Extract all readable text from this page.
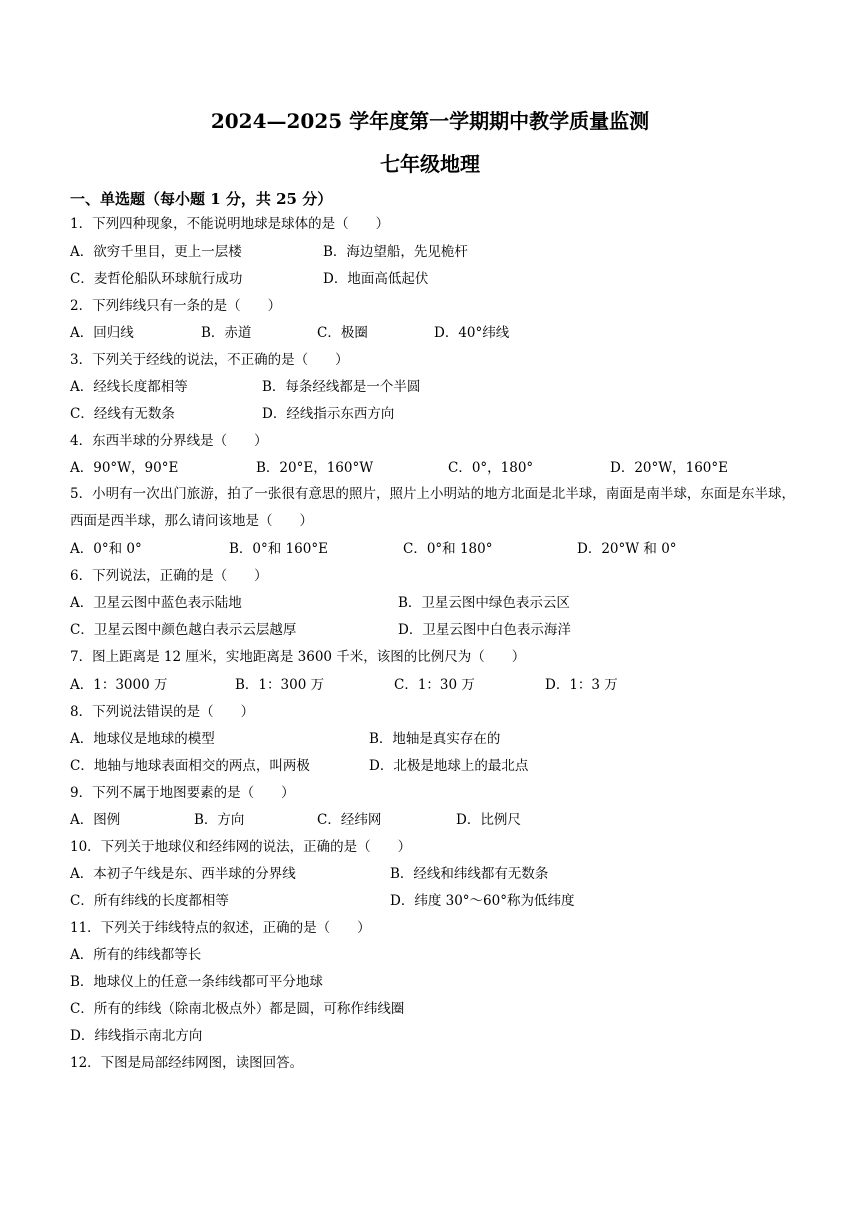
2024—2025 学年度第一学期期中教学质量监测
七年级地理
一、单选题（每小题 1 分，共 25 分）
1．下列四种现象，不能说明地球是球体的是（　　）
A．欲穷千里目，更上一层楼	B．海边望船，先见桅杆
C．麦哲伦船队环球航行成功	D．地面高低起伏
2．下列纬线只有一条的是（　　）
A．回归线	B．赤道	C．极圈	D．40°纬线
3．下列关于经线的说法，不正确的是（　　）
A．经线长度都相等	B．每条经线都是一个半圆
C．经线有无数条	D．经线指示东西方向
4．东西半球的分界线是（　　）
A．90°W，90°E	B．20°E，160°W	C．0°，180°	D．20°W，160°E
5．小明有一次出门旅游，拍了一张很有意思的照片，照片上小明站的地方北面是北半球，南面是南半球，东面是东半球，西面是西半球，那么请问该地是（　　）
A．0°和 0°	B．0°和 160°E	C．0°和 180°	D．20°W 和 0°
6．下列说法，正确的是（　　）
A．卫星云图中蓝色表示陆地	B．卫星云图中绿色表示云区
C．卫星云图中颜色越白表示云层越厚	D．卫星云图中白色表示海洋
7．图上距离是 12 厘米，实地距离是 3600 千米，该图的比例尺为（　　）
A．1：3000 万	B．1：300 万	C．1：30 万	D．1：3 万
8．下列说法错误的是（　　）
A．地球仪是地球的模型	B．地轴是真实存在的
C．地轴与地球表面相交的两点，叫两极	D．北极是地球上的最北点
9．下列不属于地图要素的是（　　）
A．图例	B．方向	C．经纬网	D．比例尺
10．下列关于地球仪和经纬网的说法，正确的是（　　）
A．本初子午线是东、西半球的分界线	B．经线和纬线都有无数条
C．所有纬线的长度都相等	D．纬度 30°～60°称为低纬度
11．下列关于纬线特点的叙述，正确的是（　　）
A．所有的纬线都等长
B．地球仪上的任意一条纬线都可平分地球
C．所有的纬线（除南北极点外）都是圆，可称作纬线圈
D．纬线指示南北方向
12．下图是局部经纬网图，读图回答。
